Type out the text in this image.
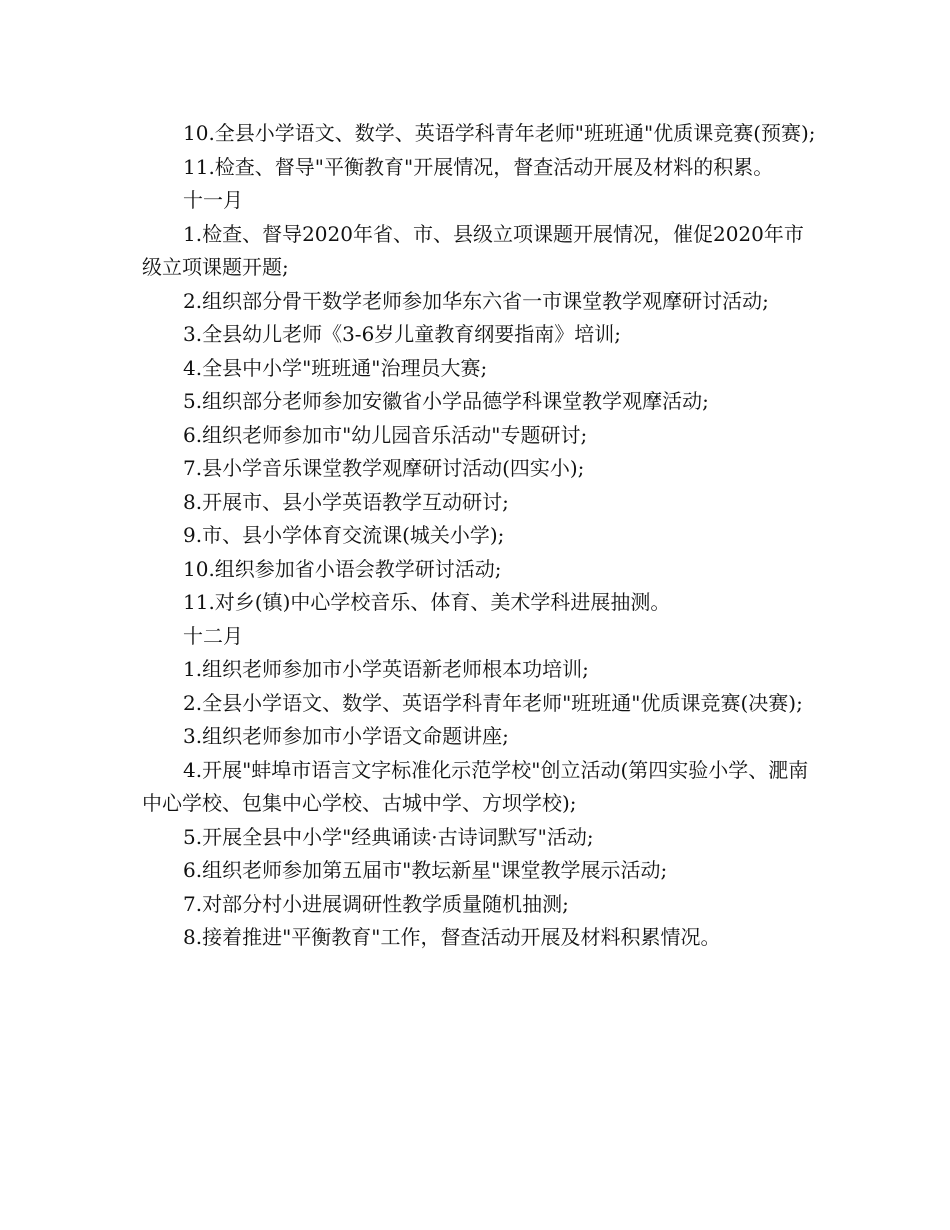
10.全县小学语文、数学、英语学科青年老师"班班通"优质课竞赛(预赛);

11.检查、督导"平衡教育"开展情况，督查活动开展及材料的积累。

十一月

1.检查、督导2020年省、市、县级立项课题开展情况，催促2020年市级立项课题开题;

2.组织部分骨干数学老师参加华东六省一市课堂教学观摩研讨活动;

3.全县幼儿老师《3-6岁儿童教育纲要指南》培训;

4.全县中小学"班班通"治理员大赛;

5.组织部分老师参加安徽省小学品德学科课堂教学观摩活动;

6.组织老师参加市"幼儿园音乐活动"专题研讨;

7.县小学音乐课堂教学观摩研讨活动(四实小);

8.开展市、县小学英语教学互动研讨;

9.市、县小学体育交流课(城关小学);

10.组织参加省小语会教学研讨活动;

11.对乡(镇)中心学校音乐、体育、美术学科进展抽测。

十二月

1.组织老师参加市小学英语新老师根本功培训;

2.全县小学语文、数学、英语学科青年老师"班班通"优质课竞赛(决赛);

3.组织老师参加市小学语文命题讲座;

4.开展"蚌埠市语言文字标准化示范学校"创立活动(第四实验小学、淝南中心学校、包集中心学校、古城中学、方坝学校);

5.开展全县中小学"经典诵读·古诗词默写"活动;

6.组织老师参加第五届市"教坛新星"课堂教学展示活动;

7.对部分村小进展调研性教学质量随机抽测;

8.接着推进"平衡教育"工作，督查活动开展及材料积累情况。
